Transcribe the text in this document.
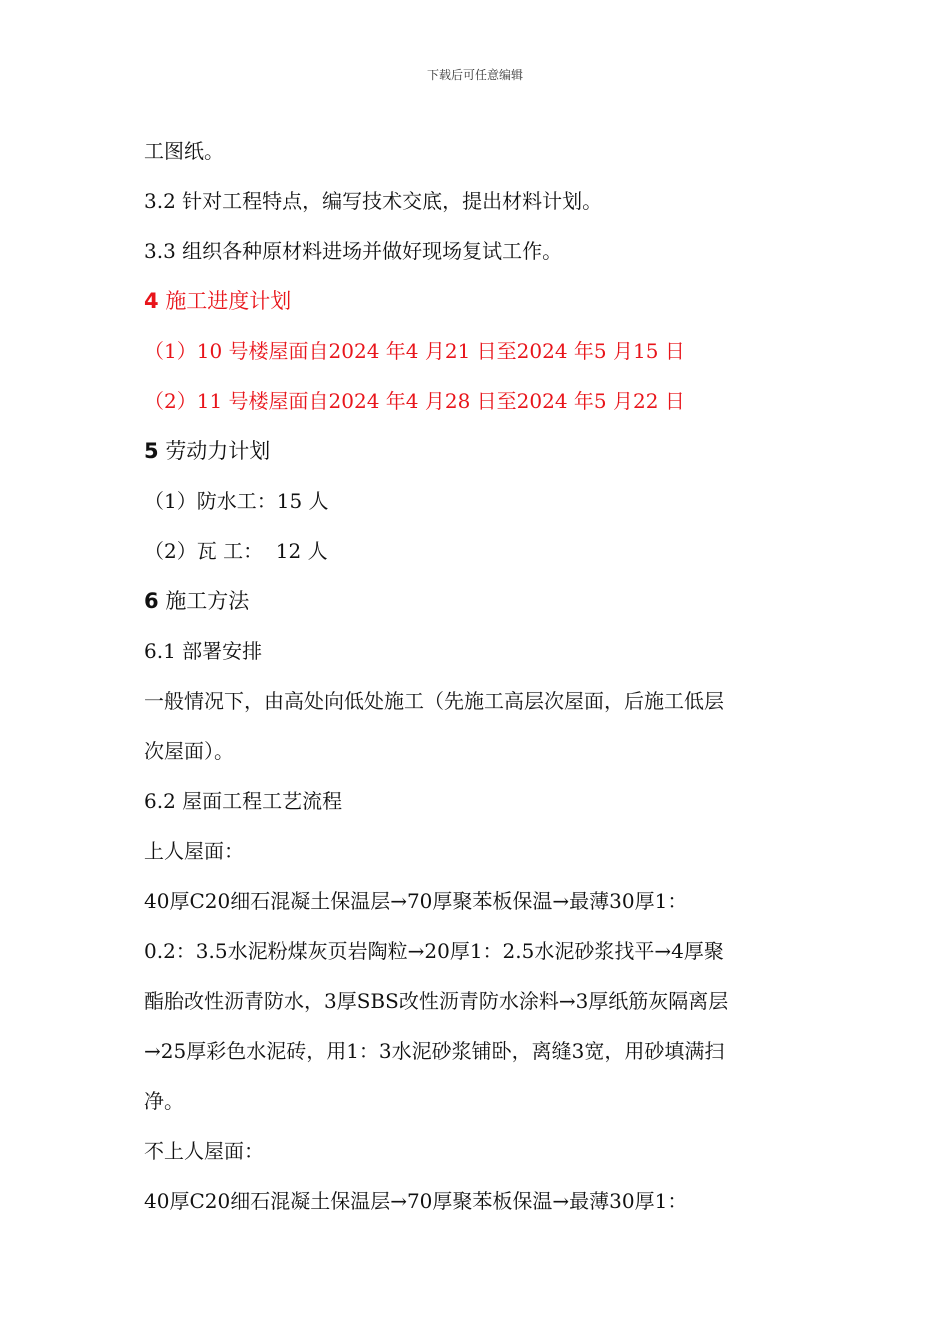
下载后可任意编辑
工图纸。
3.2 针对工程特点，编写技术交底，提出材料计划。
3.3 组织各种原材料进场并做好现场复试工作。
4 施工进度计划
（1）10 号楼屋面自2024 年4 月21 日至2024 年5 月15 日
（2）11 号楼屋面自2024 年4 月28 日至2024 年5 月22 日
5 劳动力计划
（1）防水工：15 人
（2）瓦 工：  12 人
6 施工方法
6.1 部署安排
一般情况下，由高处向低处施工（先施工高层次屋面，后施工低层
次屋面）。
6.2 屋面工程工艺流程
上人屋面：
40厚C20细石混凝土保温层→70厚聚苯板保温→最薄30厚1：
0.2：3.5水泥粉煤灰页岩陶粒→20厚1：2.5水泥砂浆找平→4厚聚
酯胎改性沥青防水，3厚SBS改性沥青防水涂料→3厚纸筋灰隔离层
→25厚彩色水泥砖，用1：3水泥砂浆铺卧，离缝3宽，用砂填满扫
净。
不上人屋面：
40厚C20细石混凝土保温层→70厚聚苯板保温→最薄30厚1：
